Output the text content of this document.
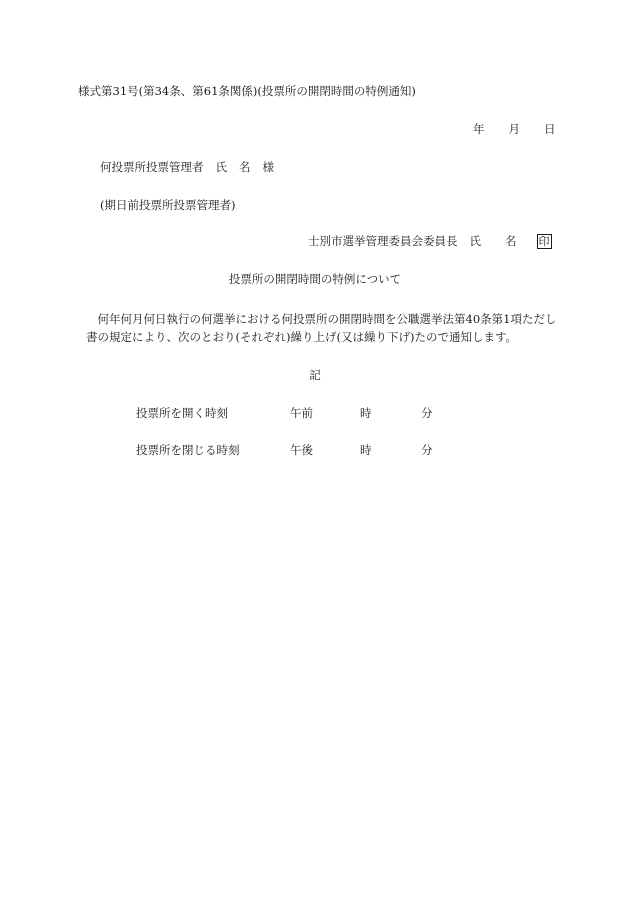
様式第31号(第34条、第61条関係)(投票所の開閉時間の特例通知)
年 月 日
何投票所投票管理者 氏 名 様
(期日前投票所投票管理者)
士別市選挙管理委員会委員長 氏 名 印
投票所の開閉時間の特例について
何年何月何日執行の何選挙における何投票所の開閉時間を公職選挙法第40条第1項ただし書の規定により、次のとおり(それぞれ)繰り上げ(又は繰り下げ)たので通知します。
記
投票所を開く時刻	午前	時	分
投票所を閉じる時刻	午後	時	分
